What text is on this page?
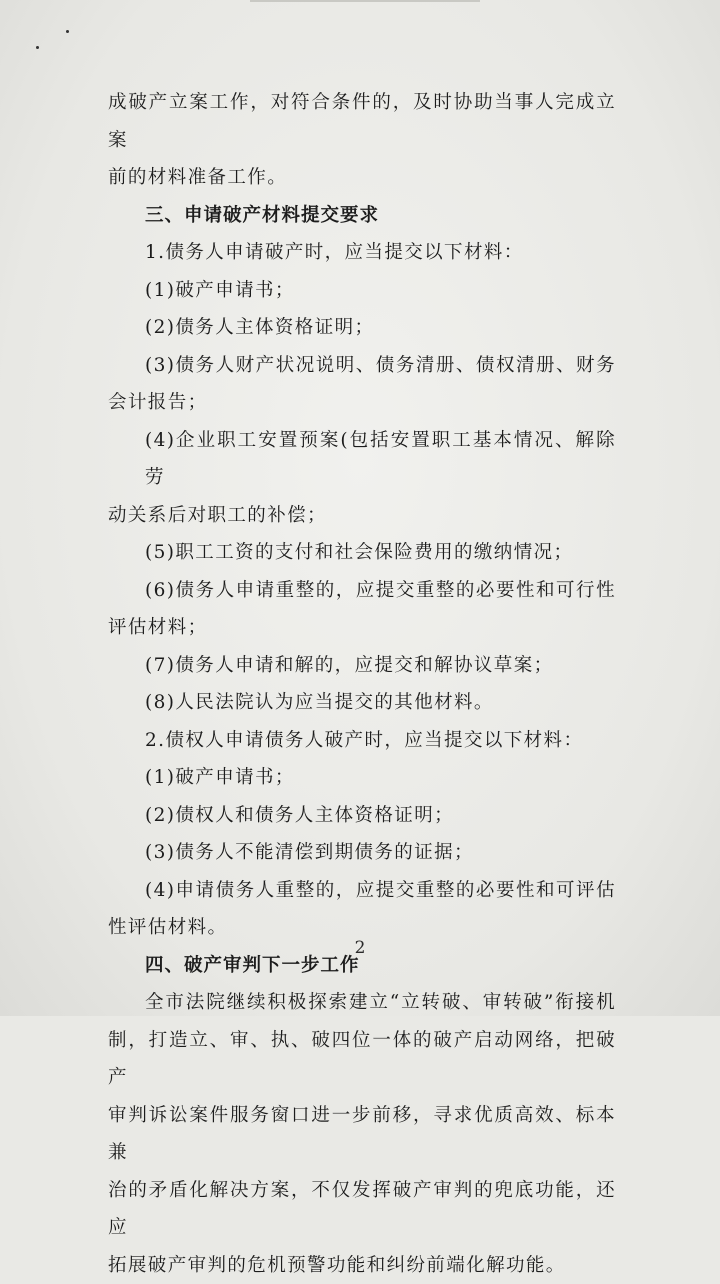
成破产立案工作，对符合条件的，及时协助当事人完成立案
前的材料准备工作。
三、申请破产材料提交要求
1.债务人申请破产时，应当提交以下材料：
(1)破产申请书；
(2)债务人主体资格证明；
(3)债务人财产状况说明、债务清册、债权清册、财务
会计报告；
(4)企业职工安置预案(包括安置职工基本情况、解除劳
动关系后对职工的补偿；
(5)职工工资的支付和社会保险费用的缴纳情况；
(6)债务人申请重整的，应提交重整的必要性和可行性
评估材料；
(7)债务人申请和解的，应提交和解协议草案；
(8)人民法院认为应当提交的其他材料。
2.债权人申请债务人破产时，应当提交以下材料：
(1)破产申请书；
(2)债权人和债务人主体资格证明；
(3)债务人不能清偿到期债务的证据；
(4)申请债务人重整的，应提交重整的必要性和可评估
性评估材料。
四、破产审判下一步工作
全市法院继续积极探索建立“立转破、审转破”衔接机
制，打造立、审、执、破四位一体的破产启动网络，把破产
审判诉讼案件服务窗口进一步前移，寻求优质高效、标本兼
治的矛盾化解决方案，不仅发挥破产审判的兜底功能，还应
拓展破产审判的危机预警功能和纠纷前端化解功能。
2
